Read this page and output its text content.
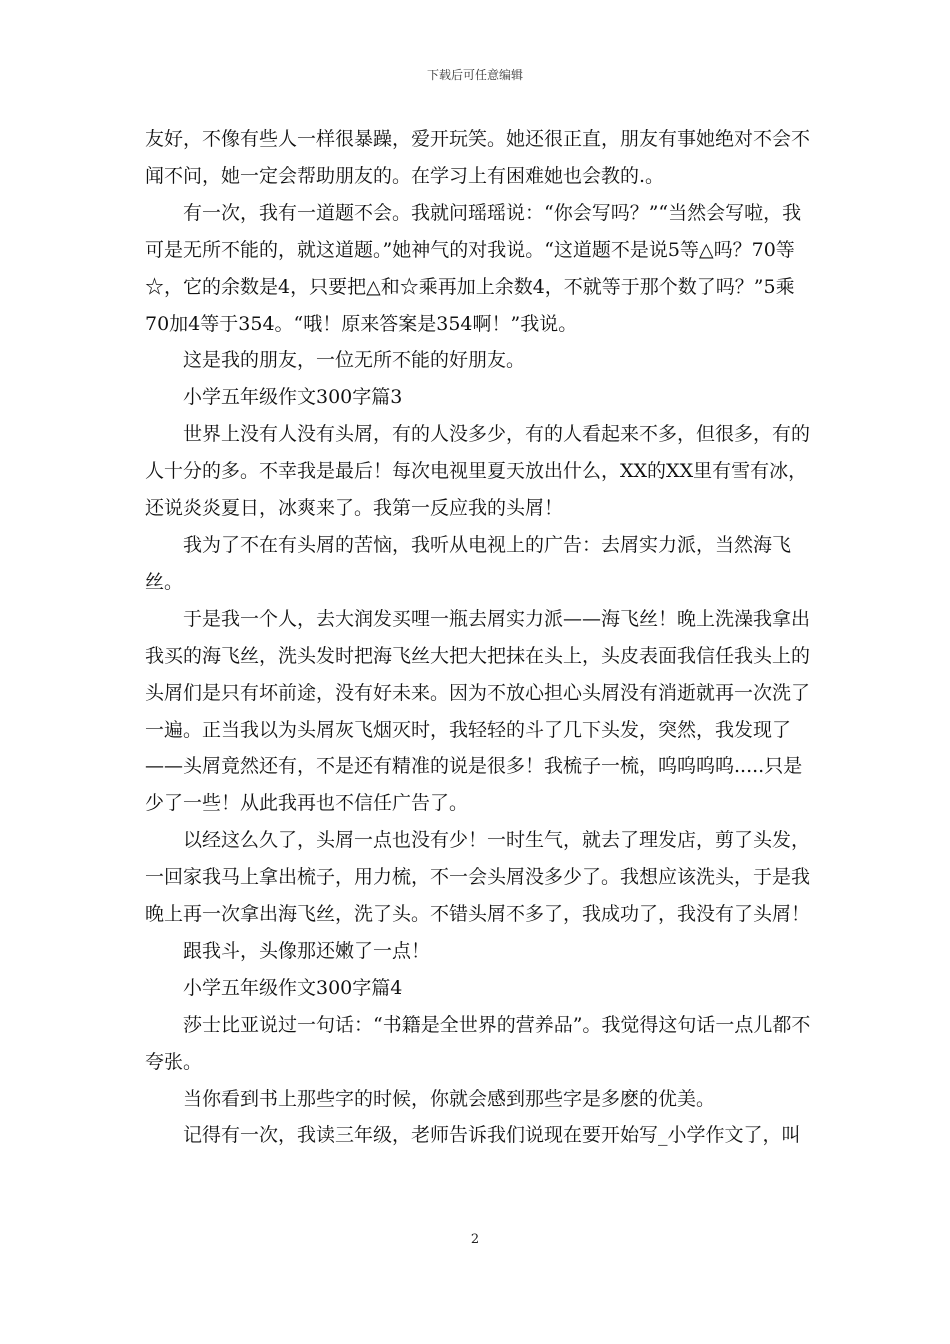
下载后可任意编辑

友好，不像有些人一样很暴躁，爱开玩笑。她还很正直，朋友有事她绝对不会不闻不问，她一定会帮助朋友的。在学习上有困难她也会教的.。

有一次，我有一道题不会。我就问瑶瑶说：“你会写吗？”“当然会写啦，我可是无所不能的，就这道题。”她神气的对我说。“这道题不是说5等△吗？70等☆，它的余数是4，只要把△和☆乘再加上余数4，不就等于那个数了吗？”5乘70加4等于354。“哦！原来答案是354啊！”我说。

这是我的朋友，一位无所不能的好朋友。

小学五年级作文300字篇3

世界上没有人没有头屑，有的人没多少，有的人看起来不多，但很多，有的人十分的多。不幸我是最后！每次电视里夏天放出什么，XX的XX里有雪有冰，还说炎炎夏日，冰爽来了。我第一反应我的头屑！

我为了不在有头屑的苦恼，我听从电视上的广告：去屑实力派，当然海飞丝。

于是我一个人，去大润发买哩一瓶去屑实力派——海飞丝！晚上洗澡我拿出我买的海飞丝，洗头发时把海飞丝大把大把抹在头上，头皮表面我信任我头上的头屑们是只有坏前途，没有好未来。因为不放心担心头屑没有消逝就再一次洗了一遍。正当我以为头屑灰飞烟灭时，我轻轻的斗了几下头发，突然，我发现了——头屑竟然还有，不是还有精准的说是很多！我梳子一梳，呜呜呜呜.....只是少了一些！从此我再也不信任广告了。

以经这么久了，头屑一点也没有少！一时生气，就去了理发店，剪了头发，一回家我马上拿出梳子，用力梳，不一会头屑没多少了。我想应该洗头，于是我晚上再一次拿出海飞丝，洗了头。不错头屑不多了，我成功了，我没有了头屑！

跟我斗，头像那还嫩了一点！

小学五年级作文300字篇4

莎士比亚说过一句话：“书籍是全世界的营养品”。我觉得这句话一点儿都不夸张。

当你看到书上那些字的时候，你就会感到那些字是多麽的优美。

记得有一次，我读三年级，老师告诉我们说现在要开始写_小学作文了，叫

2
